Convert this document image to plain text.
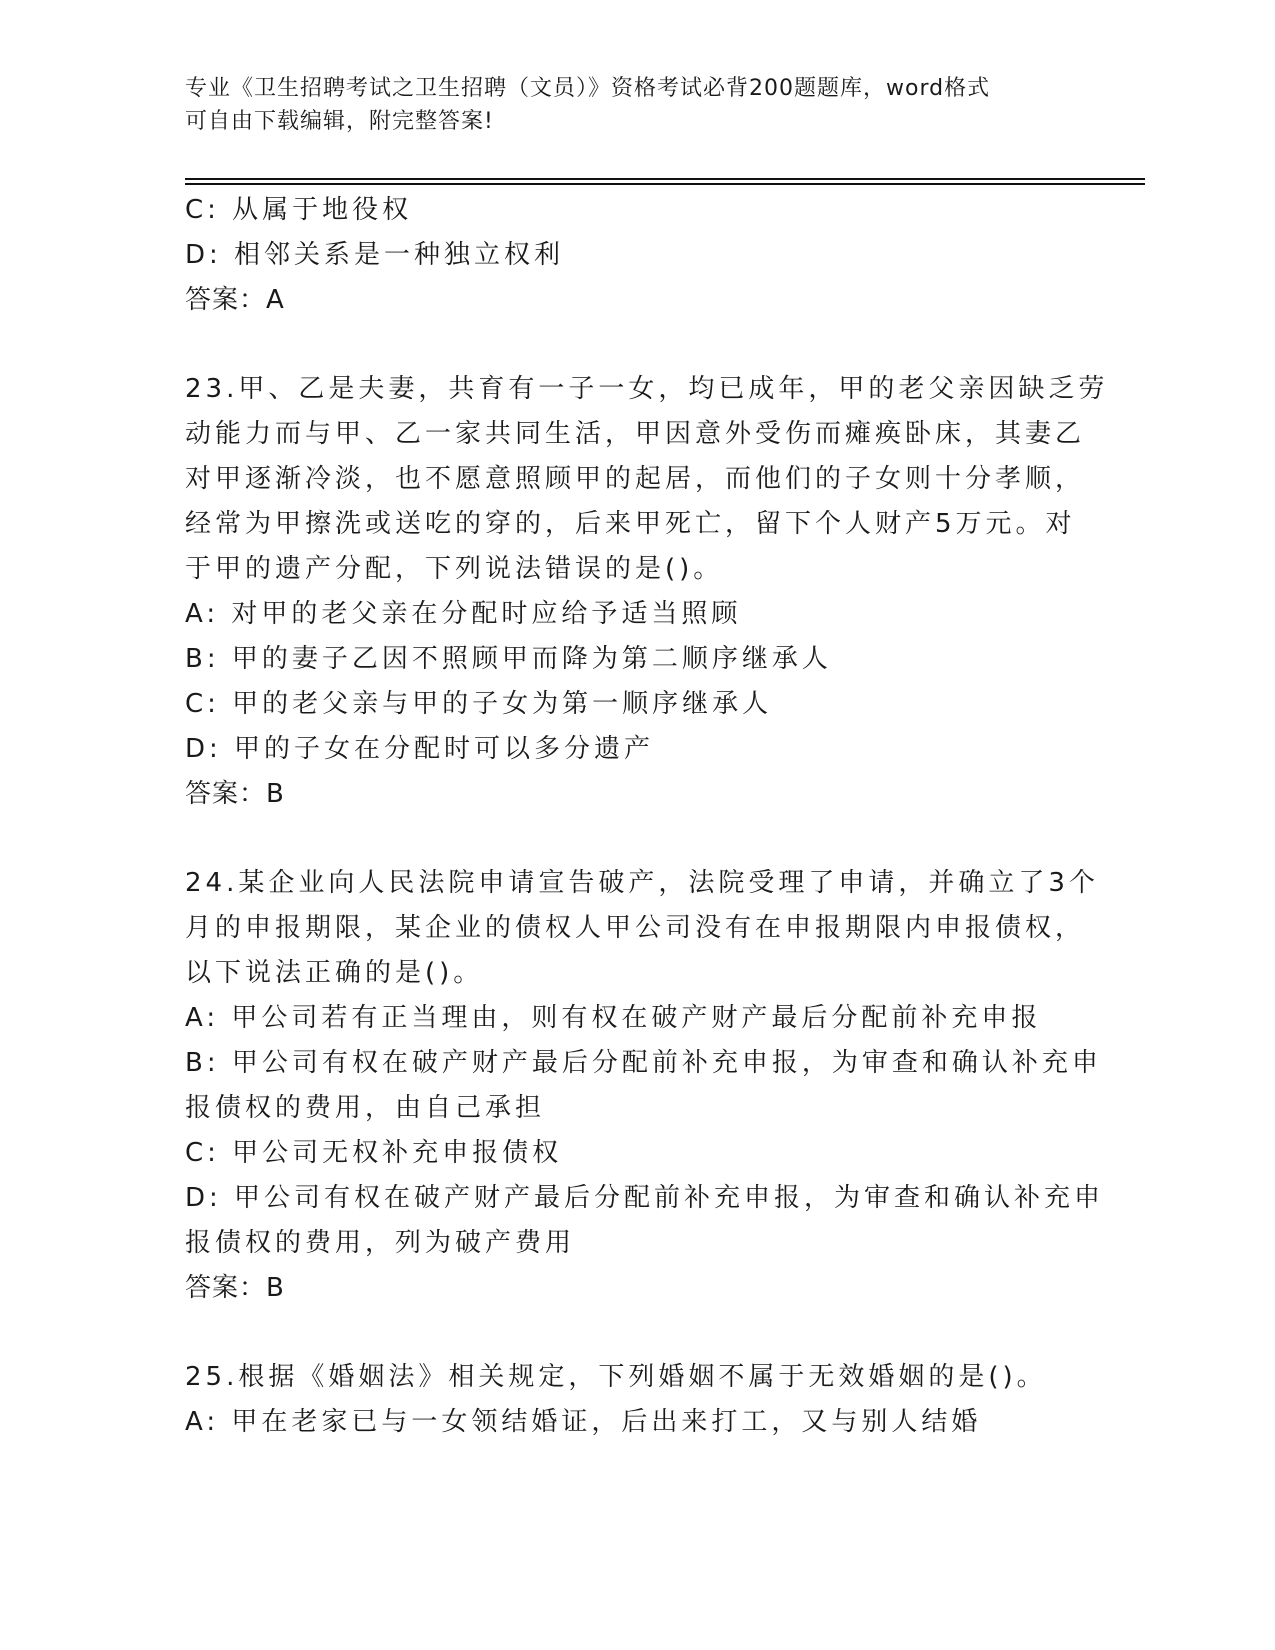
专业《卫生招聘考试之卫生招聘（文员）》资格考试必背200题题库，word格式
可自由下载编辑，附完整答案!
C: 从属于地役权
D: 相邻关系是一种独立权利
答案：A
23.甲、乙是夫妻，共育有一子一女，均已成年，甲的老父亲因缺乏劳
动能力而与甲、乙一家共同生活，甲因意外受伤而瘫痪卧床，其妻乙
对甲逐渐冷淡，也不愿意照顾甲的起居，而他们的子女则十分孝顺，
经常为甲擦洗或送吃的穿的，后来甲死亡，留下个人财产5万元。对
于甲的遗产分配，下列说法错误的是()。
A: 对甲的老父亲在分配时应给予适当照顾
B: 甲的妻子乙因不照顾甲而降为第二顺序继承人
C: 甲的老父亲与甲的子女为第一顺序继承人
D: 甲的子女在分配时可以多分遗产
答案：B
24.某企业向人民法院申请宣告破产，法院受理了申请，并确立了3个
月的申报期限，某企业的债权人甲公司没有在申报期限内申报债权，
以下说法正确的是()。
A: 甲公司若有正当理由，则有权在破产财产最后分配前补充申报
B: 甲公司有权在破产财产最后分配前补充申报，为审查和确认补充申
报债权的费用，由自己承担
C: 甲公司无权补充申报债权
D: 甲公司有权在破产财产最后分配前补充申报，为审查和确认补充申
报债权的费用，列为破产费用
答案：B
25.根据《婚姻法》相关规定，下列婚姻不属于无效婚姻的是()。
A: 甲在老家已与一女领结婚证，后出来打工，又与别人结婚
